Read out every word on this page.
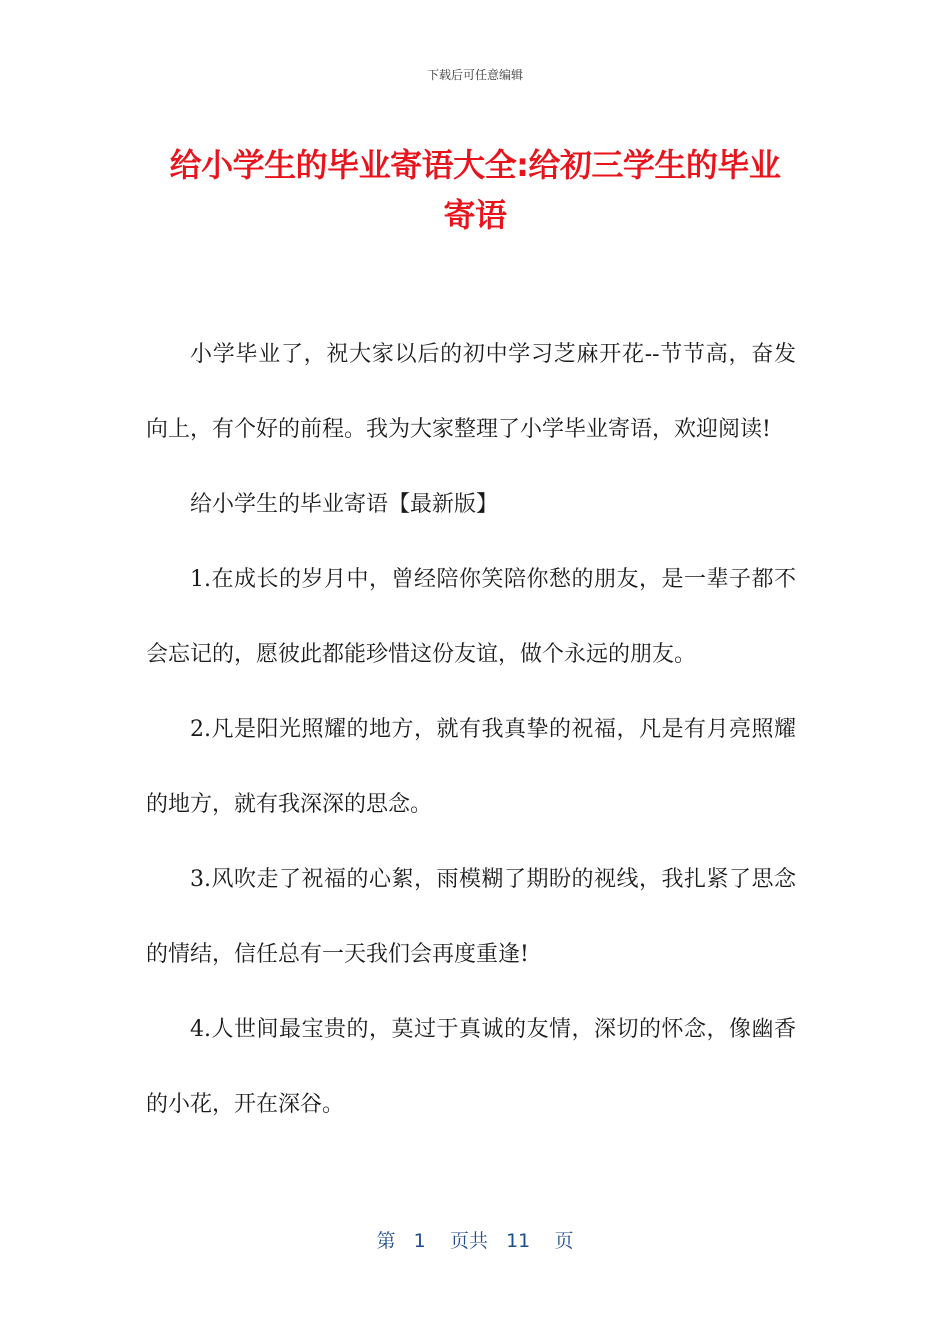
下载后可任意编辑
给小学生的毕业寄语大全:给初三学生的毕业
寄语

小学毕业了，祝大家以后的初中学习芝麻开花--节节高，奋发向上，有个好的前程。我为大家整理了小学毕业寄语，欢迎阅读!

给小学生的毕业寄语【最新版】

1.在成长的岁月中，曾经陪你笑陪你愁的朋友，是一辈子都不会忘记的，愿彼此都能珍惜这份友谊，做个永远的朋友。

2.凡是阳光照耀的地方，就有我真挚的祝福，凡是有月亮照耀的地方，就有我深深的思念。

3.风吹走了祝福的心絮，雨模糊了期盼的视线，我扎紧了思念的情结，信任总有一天我们会再度重逢!

4.人世间最宝贵的，莫过于真诚的友情，深切的怀念，像幽香的小花，开在深谷。

第 1 页共 11 页
